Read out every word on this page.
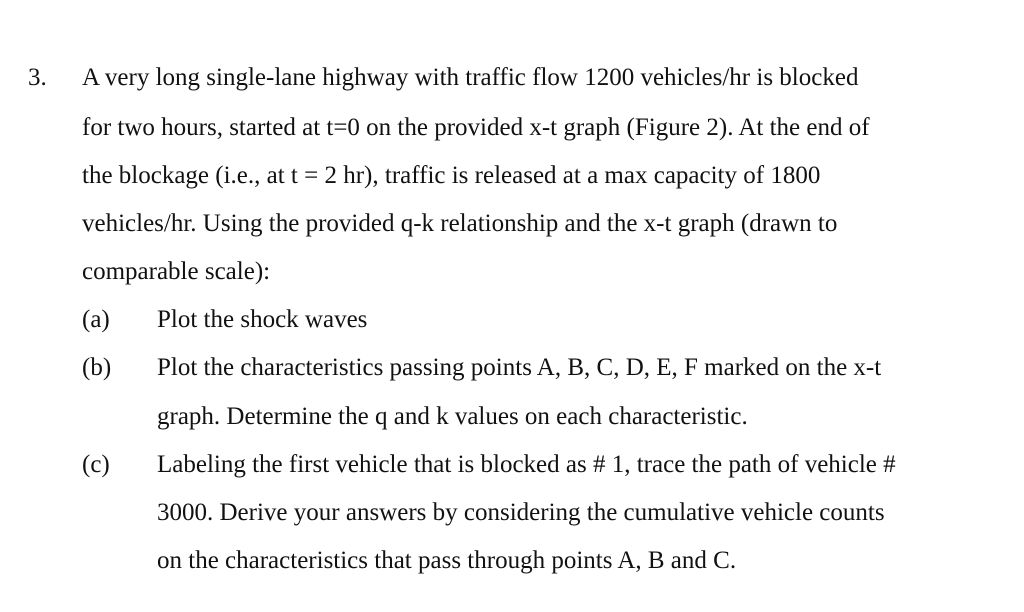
3. A very long single-lane highway with traffic flow 1200 vehicles/hr is blocked
for two hours, started at t=0 on the provided x-t graph (Figure 2). At the end of
the blockage (i.e., at t = 2 hr), traffic is released at a max capacity of 1800
vehicles/hr. Using the provided q-k relationship and the x-t graph (drawn to
comparable scale):
(a) Plot the shock waves
(b) Plot the characteristics passing points A, B, C, D, E, F marked on the x-t
graph. Determine the q and k values on each characteristic.
(c) Labeling the first vehicle that is blocked as # 1, trace the path of vehicle #
3000. Derive your answers by considering the cumulative vehicle counts
on the characteristics that pass through points A, B and C.
